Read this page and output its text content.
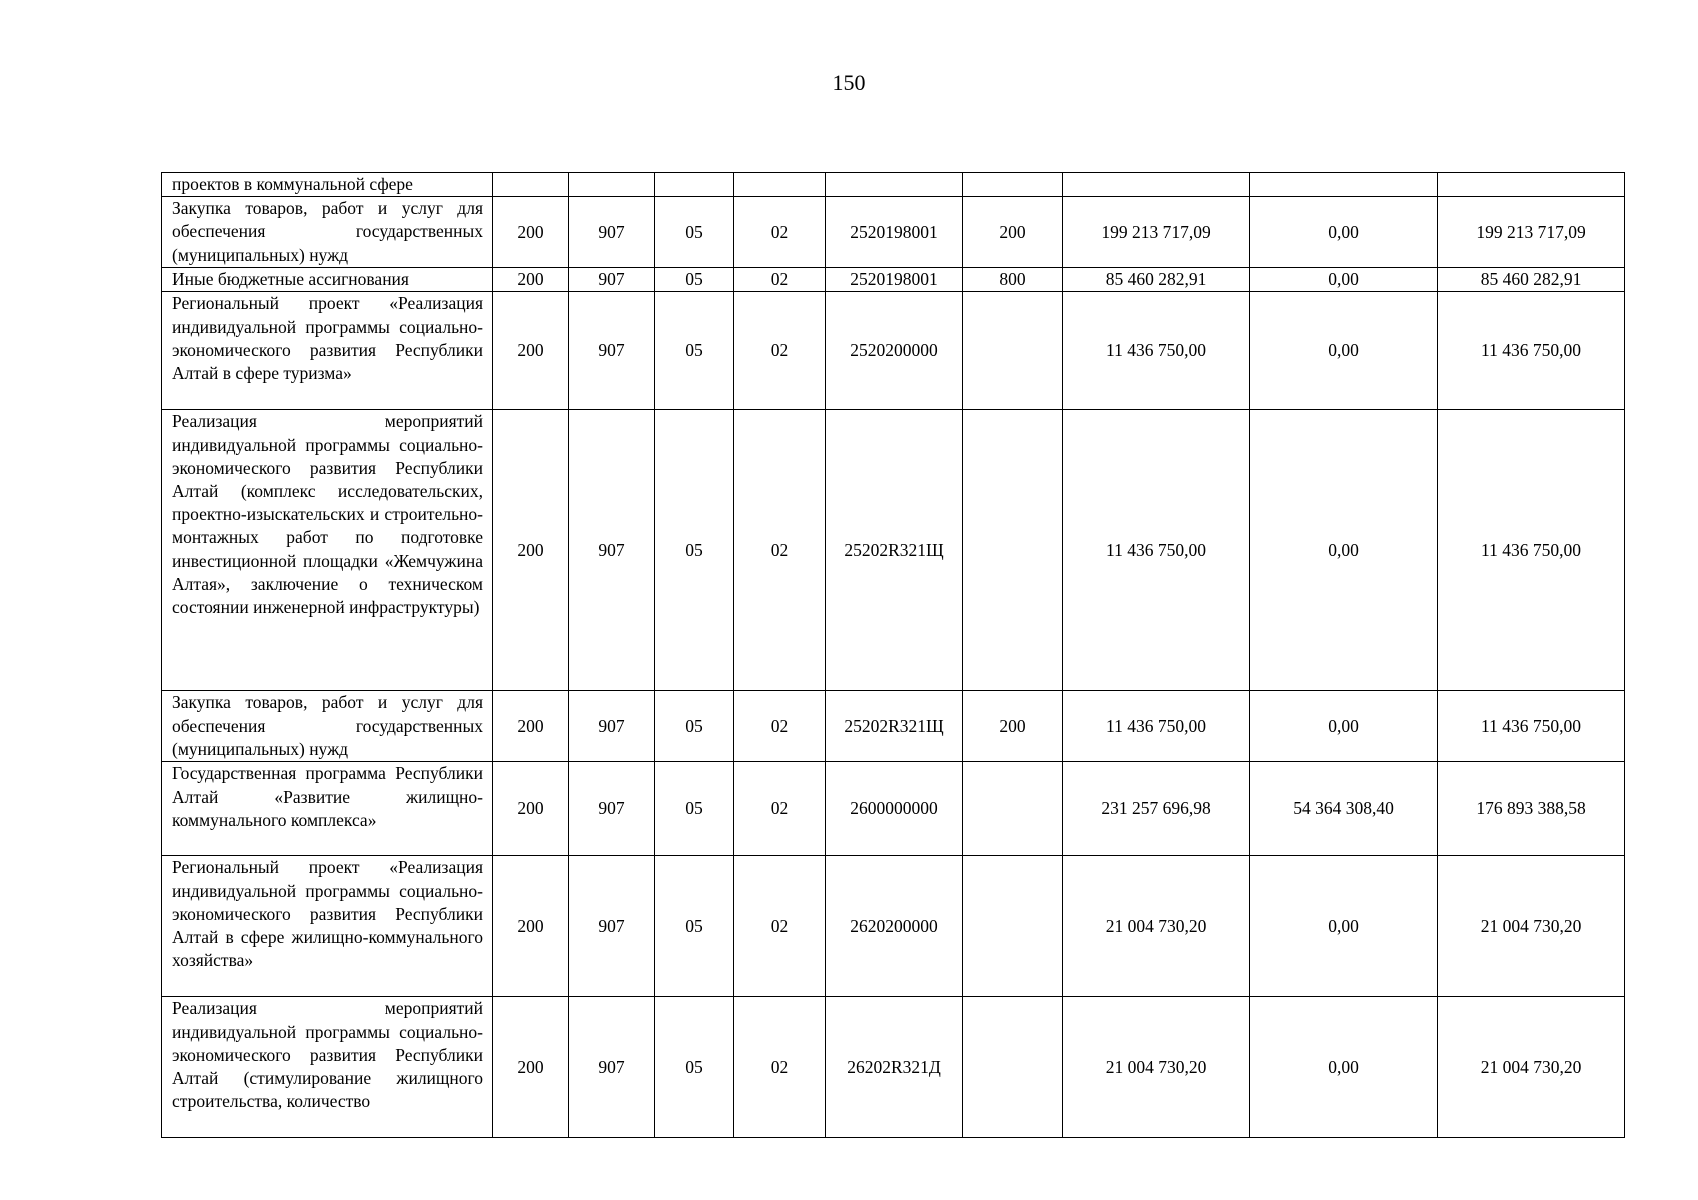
150
проектов в коммунальной сфере									
Закупка товаров, работ и услуг для обеспечения государственных (муниципальных) нужд	200	907	05	02	2520198001	200	199 213 717,09	0,00	199 213 717,09
Иные бюджетные ассигнования	200	907	05	02	2520198001	800	85 460 282,91	0,00	85 460 282,91
Региональный проект «Реализация индивидуальной программы социально-экономического развития Республики Алтай в сфере туризма»	200	907	05	02	2520200000		11 436 750,00	0,00	11 436 750,00
Реализация мероприятий индивидуальной программы социально-экономического развития Республики Алтай (комплекс исследовательских, проектно-изыскательских и строительно-монтажных работ по подготовке инвестиционной площадки «Жемчужина Алтая», заключение о техническом состоянии инженерной инфраструктуры)	200	907	05	02	25202R321Щ		11 436 750,00	0,00	11 436 750,00
Закупка товаров, работ и услуг для обеспечения государственных (муниципальных) нужд	200	907	05	02	25202R321Щ	200	11 436 750,00	0,00	11 436 750,00
Государственная программа Республики Алтай «Развитие жилищно-коммунального комплекса»	200	907	05	02	2600000000		231 257 696,98	54 364 308,40	176 893 388,58
Региональный проект «Реализация индивидуальной программы социально-экономического развития Республики Алтай в сфере жилищно-коммунального хозяйства»	200	907	05	02	2620200000		21 004 730,20	0,00	21 004 730,20
Реализация мероприятий индивидуальной программы социально-экономического развития Республики Алтай (стимулирование жилищного строительства, количество	200	907	05	02	26202R321Д		21 004 730,20	0,00	21 004 730,20
